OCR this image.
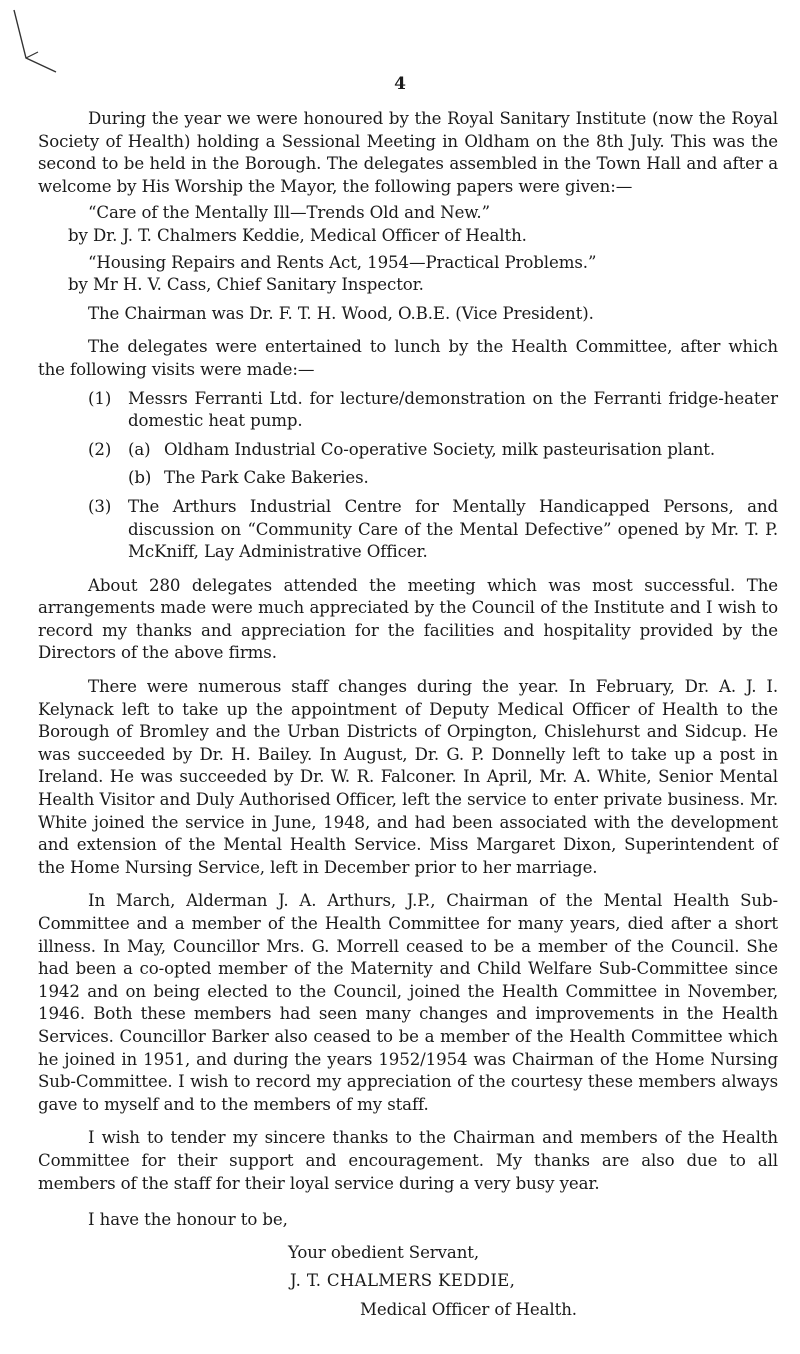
4

During the year we were honoured by the Royal Sanitary Institute (now the Royal Society of Health) holding a Sessional Meeting in Oldham on the 8th July. This was the second to be held in the Borough. The delegates assembled in the Town Hall and after a welcome by His Worship the Mayor, the following papers were given:—

“Care of the Mentally Ill—Trends Old and New.”
by Dr. J. T. Chalmers Keddie, Medical Officer of Health.
“Housing Repairs and Rents Act, 1954—Practical Problems.”
by Mr H. V. Cass, Chief Sanitary Inspector.

The Chairman was Dr. F. T. H. Wood, O.B.E. (Vice President).

The delegates were entertained to lunch by the Health Committee, after which the following visits were made:—

(1)	Messrs Ferranti Ltd. for lecture/demonstration on the Ferranti fridge-heater domestic heat pump.
(2)	(a) Oldham Industrial Co-operative Society, milk pasteurisation plant.
(b) The Park Cake Bakeries.
(3)	The Arthurs Industrial Centre for Mentally Handicapped Persons, and discussion on “Community Care of the Mental Defective” opened by Mr. T. P. McKniff, Lay Administrative Officer.

About 280 delegates attended the meeting which was most successful. The arrangements made were much appreciated by the Council of the Institute and I wish to record my thanks and appreciation for the facilities and hospitality provided by the Directors of the above firms.

There were numerous staff changes during the year. In February, Dr. A. J. I. Kelynack left to take up the appointment of Deputy Medical Officer of Health to the Borough of Bromley and the Urban Districts of Orpington, Chislehurst and Sidcup. He was succeeded by Dr. H. Bailey. In August, Dr. G. P. Donnelly left to take up a post in Ireland. He was succeeded by Dr. W. R. Falconer. In April, Mr. A. White, Senior Mental Health Visitor and Duly Authorised Officer, left the service to enter private business. Mr. White joined the service in June, 1948, and had been associated with the development and extension of the Mental Health Service. Miss Margaret Dixon, Superintendent of the Home Nursing Service, left in December prior to her marriage.

In March, Alderman J. A. Arthurs, J.P., Chairman of the Mental Health Sub-Committee and a member of the Health Committee for many years, died after a short illness. In May, Councillor Mrs. G. Morrell ceased to be a member of the Council. She had been a co-opted member of the Maternity and Child Welfare Sub-Committee since 1942 and on being elected to the Council, joined the Health Committee in November, 1946. Both these members had seen many changes and improvements in the Health Services. Councillor Barker also ceased to be a member of the Health Committee which he joined in 1951, and during the years 1952/1954 was Chairman of the Home Nursing Sub-Committee. I wish to record my appreciation of the courtesy these members always gave to myself and to the members of my staff.

I wish to tender my sincere thanks to the Chairman and members of the Health Committee for their support and encouragement. My thanks are also due to all members of the staff for their loyal service during a very busy year.

I have the honour to be,
Your obedient Servant,
J. T. CHALMERS KEDDIE,
Medical Officer of Health.
